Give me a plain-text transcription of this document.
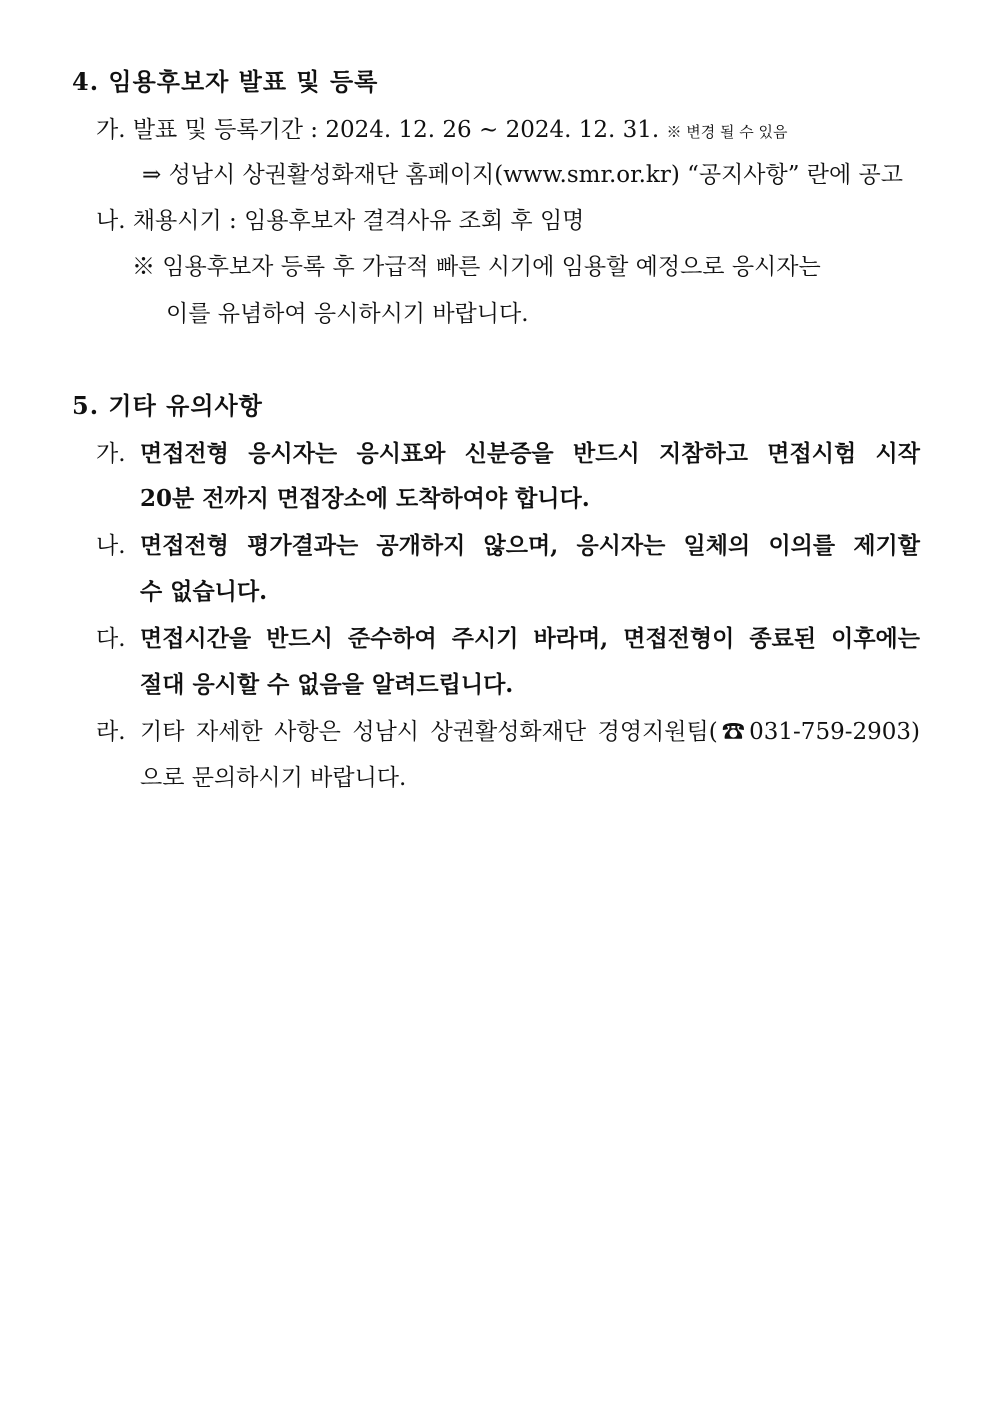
4. 임용후보자 발표 및 등록
가. 발표 및 등록기간 : 2024. 12. 26 ∼ 2024. 12. 31. ※ 변경 될 수 있음
⇒ 성남시 상권활성화재단 홈페이지(www.smr.or.kr) “공지사항” 란에 공고
나. 채용시기 : 임용후보자 결격사유 조회 후 임명
※ 임용후보자 등록 후 가급적 빠른 시기에 임용할 예정으로 응시자는
이를 유념하여 응시하시기 바랍니다.
5. 기타 유의사항
가. 면접전형 응시자는 응시표와 신분증을 반드시 지참하고 면접시험 시작
20분 전까지 면접장소에 도착하여야 합니다.
나. 면접전형 평가결과는 공개하지 않으며, 응시자는 일체의 이의를 제기할
수 없습니다.
다. 면접시간을 반드시 준수하여 주시기 바라며, 면접전형이 종료된 이후에는
절대 응시할 수 없음을 알려드립니다.
라. 기타 자세한 사항은 성남시 상권활성화재단 경영지원팀(☎031-759-2903)
으로 문의하시기 바랍니다.
